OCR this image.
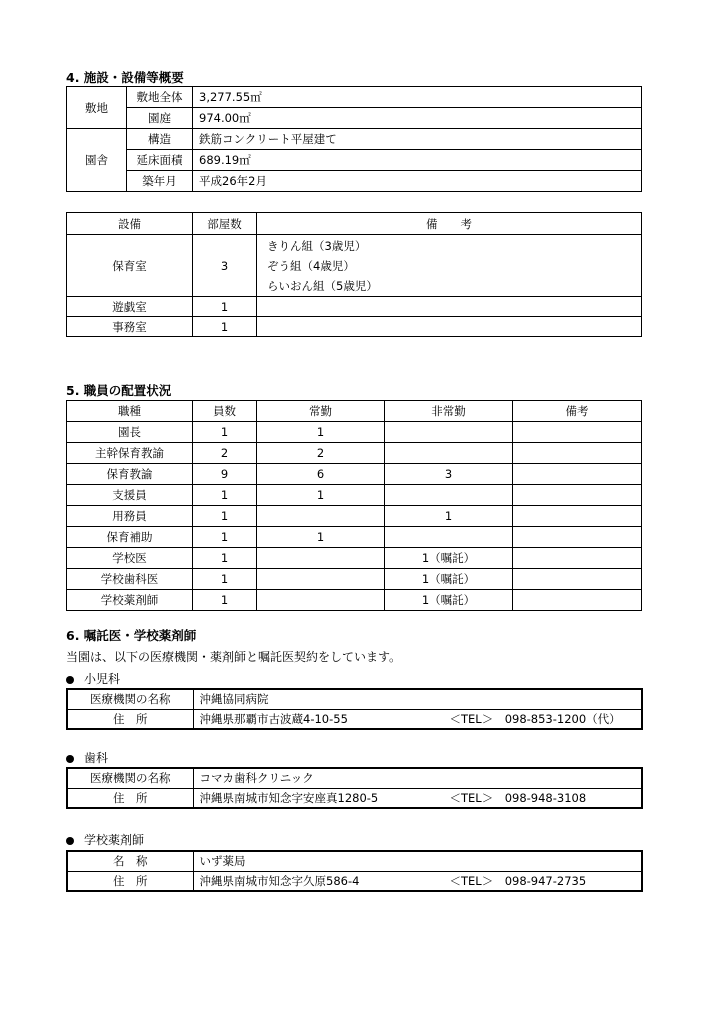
4. 施設・設備等概要
敷地	敷地全体	3,277.55㎡
	園庭	974.00㎡
園舎	構造	鉄筋コンクリート平屋建て
	延床面積	689.19㎡
	築年月	平成26年2月
設備	部屋数	備　　考
保育室	3	きりん組（3歳児）
ぞう組（4歳児）
らいおん組（5歳児）

遊戯室	1	
事務室	1	
5. 職員の配置状況
職種	員数	常勤	非常勤	備考
園長	1	1		
主幹保育教諭	2	2		
保育教諭	9	6	3	
支援員	1	1		
用務員	1		1	
保育補助	1	1		
学校医	1		1（嘱託）	
学校歯科医	1		1（嘱託）	
学校薬剤師	1		1（嘱託）	
6. 嘱託医・学校薬剤師
当園は、以下の医療機関・薬剤師と嘱託医契約をしています。
小児科
医療機関の名称	沖縄協同病院
住　所	沖縄県那覇市古波蔵4-10-55 ＜TEL＞　098-853-1200（代）
歯科
医療機関の名称	コマカ歯科クリニック
住　所	沖縄県南城市知念字安座真1280-5 ＜TEL＞　098-948-3108
学校薬剤師
名　称	いず薬局
住　所	沖縄県南城市知念字久原586-4 ＜TEL＞　098-947-2735
